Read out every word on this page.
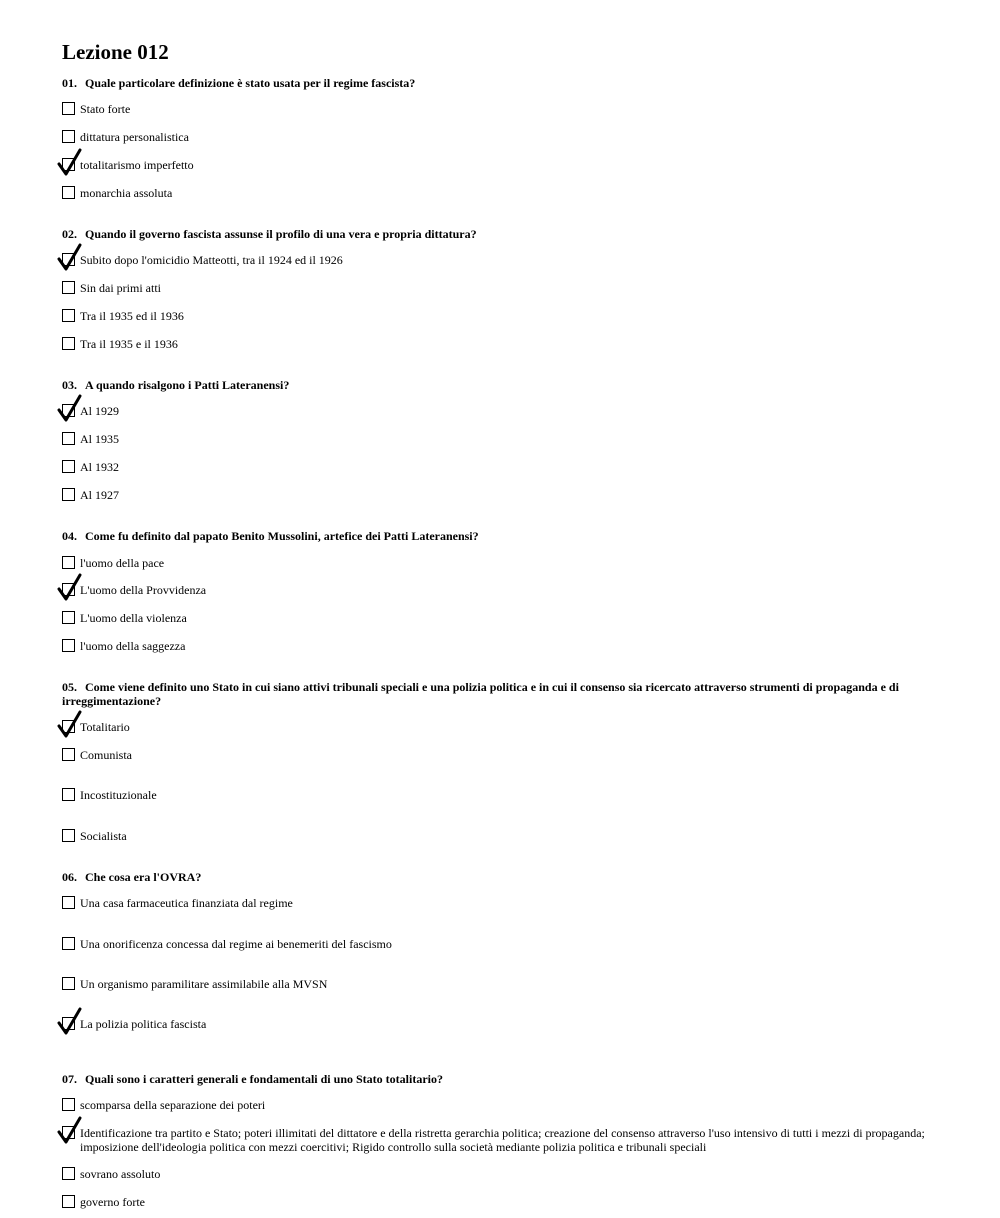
Lezione 012
01. Quale particolare definizione è stato usata per il regime fascista?
Stato forte
dittatura personalistica
totalitarismo imperfetto
monarchia assoluta
02. Quando il governo fascista assunse il profilo di una vera e propria dittatura?
Subito dopo l'omicidio Matteotti, tra il 1924 ed il 1926
Sin dai primi atti
Tra il 1935 ed il 1936
Tra il 1935 e il 1936
03. A quando risalgono i Patti Lateranensi?
Al 1929
Al 1935
Al 1932
Al 1927
04. Come fu definito dal papato Benito Mussolini, artefice dei Patti Lateranensi?
l'uomo della pace
L'uomo della Provvidenza
L'uomo della violenza
l'uomo della saggezza
05. Come viene definito uno Stato in cui siano attivi tribunali speciali e una polizia politica e in cui il consenso sia ricercato attraverso strumenti di propaganda e di irreggimentazione?
Totalitario
Comunista
Incostituzionale
Socialista
06. Che cosa era l'OVRA?
Una casa farmaceutica finanziata dal regime
Una onorificenza concessa dal regime ai benemeriti del fascismo
Un organismo paramilitare assimilabile alla MVSN
La polizia politica fascista
07. Quali sono i caratteri generali e fondamentali di uno Stato totalitario?
scomparsa della separazione dei poteri
Identificazione tra partito e Stato; poteri illimitati del dittatore e della ristretta gerarchia politica; creazione del consenso attraverso l'uso intensivo di tutti i mezzi di propaganda; imposizione dell'ideologia politica con mezzi coercitivi; Rigido controllo sulla società mediante polizia politica e tribunali speciali
sovrano assoluto
governo forte
